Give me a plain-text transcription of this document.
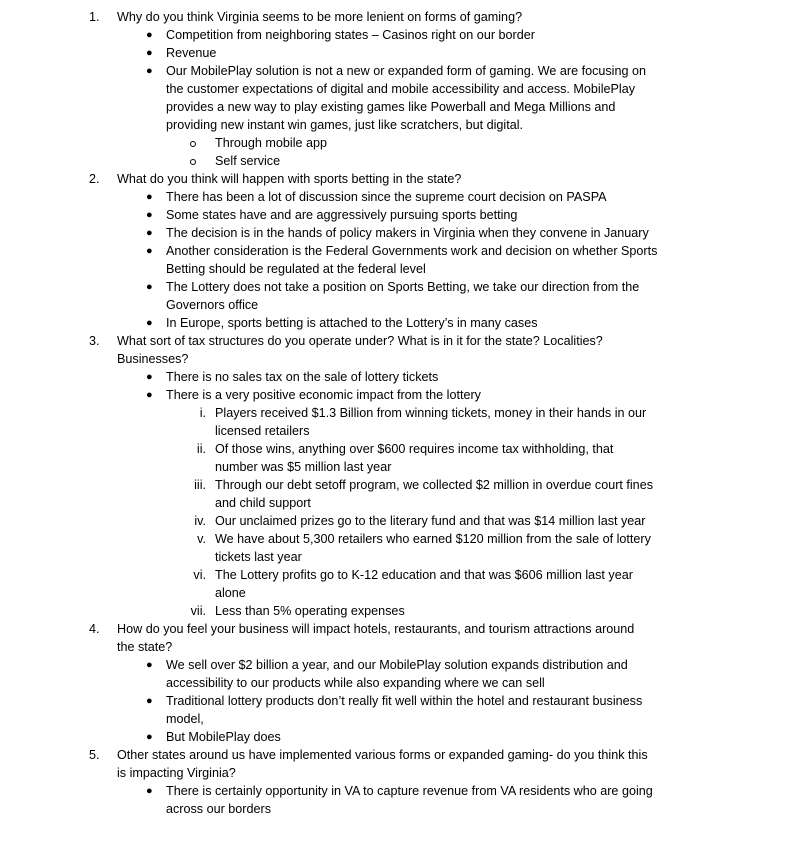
1. Why do you think Virginia seems to be more lenient on forms of gaming?
● Competition from neighboring states – Casinos right on our border
● Revenue
● Our MobilePlay solution is not a new or expanded form of gaming. We are focusing on
the customer expectations of digital and mobile accessibility and access. MobilePlay
provides a new way to play existing games like Powerball and Mega Millions and
providing new instant win games, just like scratchers, but digital.
Through mobile app
Self service
2. What do you think will happen with sports betting in the state?
● There has been a lot of discussion since the supreme court decision on PASPA
● Some states have and are aggressively pursuing sports betting
● The decision is in the hands of policy makers in Virginia when they convene in January
● Another consideration is the Federal Governments work and decision on whether Sports
Betting should be regulated at the federal level
● The Lottery does not take a position on Sports Betting, we take our direction from the
Governors office
● In Europe, sports betting is attached to the Lottery’s in many cases
3. What sort of tax structures do you operate under? What is in it for the state? Localities?
Businesses?
● There is no sales tax on the sale of lottery tickets
● There is a very positive economic impact from the lottery
i. Players received $1.3 Billion from winning tickets, money in their hands in our
licensed retailers
ii. Of those wins, anything over $600 requires income tax withholding, that
number was $5 million last year
iii. Through our debt setoff program, we collected $2 million in overdue court fines
and child support
iv. Our unclaimed prizes go to the literary fund and that was $14 million last year
v. We have about 5,300 retailers who earned $120 million from the sale of lottery
tickets last year
vi. The Lottery profits go to K-12 education and that was $606 million last year
alone
vii. Less than 5% operating expenses
4. How do you feel your business will impact hotels, restaurants, and tourism attractions around
the state?
● We sell over $2 billion a year, and our MobilePlay solution expands distribution and
accessibility to our products while also expanding where we can sell
● Traditional lottery products don’t really fit well within the hotel and restaurant business
model,
● But MobilePlay does
5. Other states around us have implemented various forms or expanded gaming- do you think this
is impacting Virginia?
● There is certainly opportunity in VA to capture revenue from VA residents who are going
across our borders
